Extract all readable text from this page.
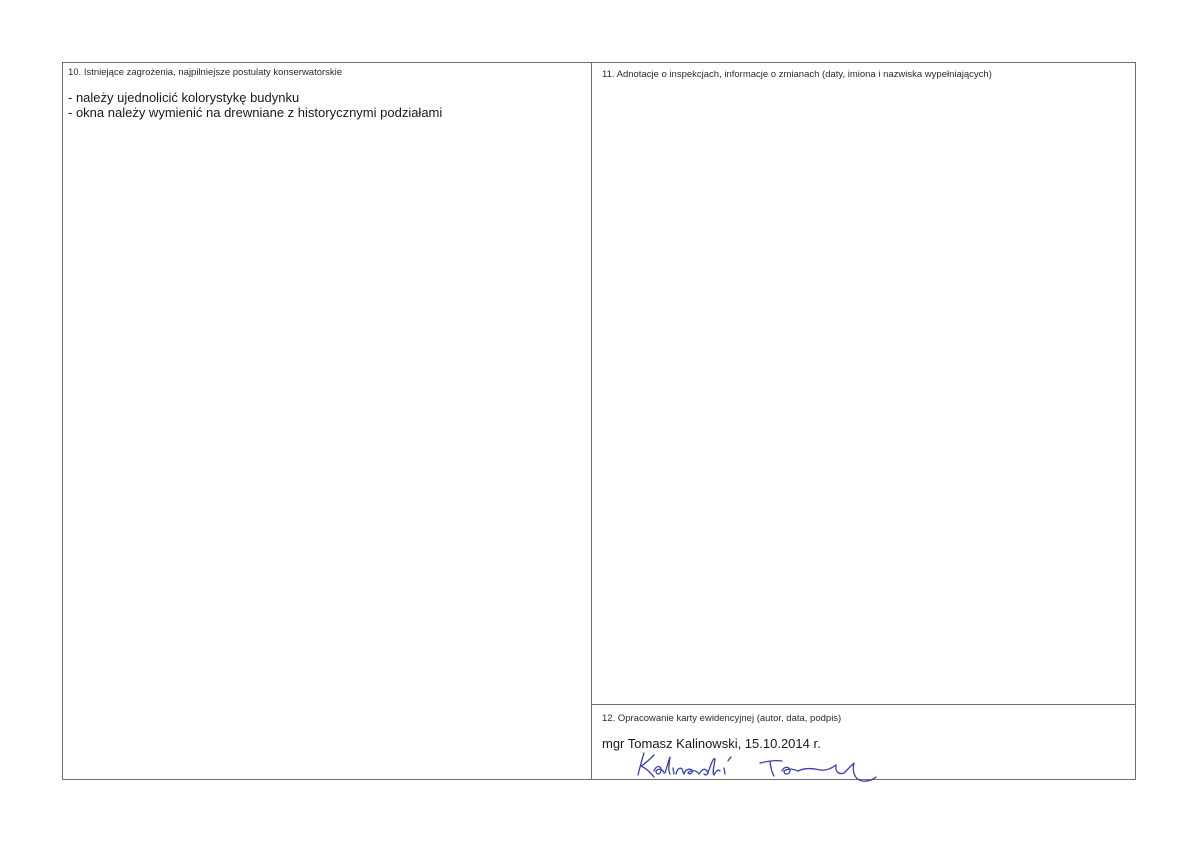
10. Istniejące zagrożenia, najpilniejsze postulaty konserwatorskie
- należy ujednolicić kolorystykę budynku
- okna należy wymienić na drewniane z historycznymi podziałami
11. Adnotacje o inspekcjach, informacje o zmianach (daty, imiona i nazwiska wypełniających)
12. Opracowanie karty ewidencyjnej (autor, data, podpis)
mgr Tomasz Kalinowski, 15.10.2014 r.
